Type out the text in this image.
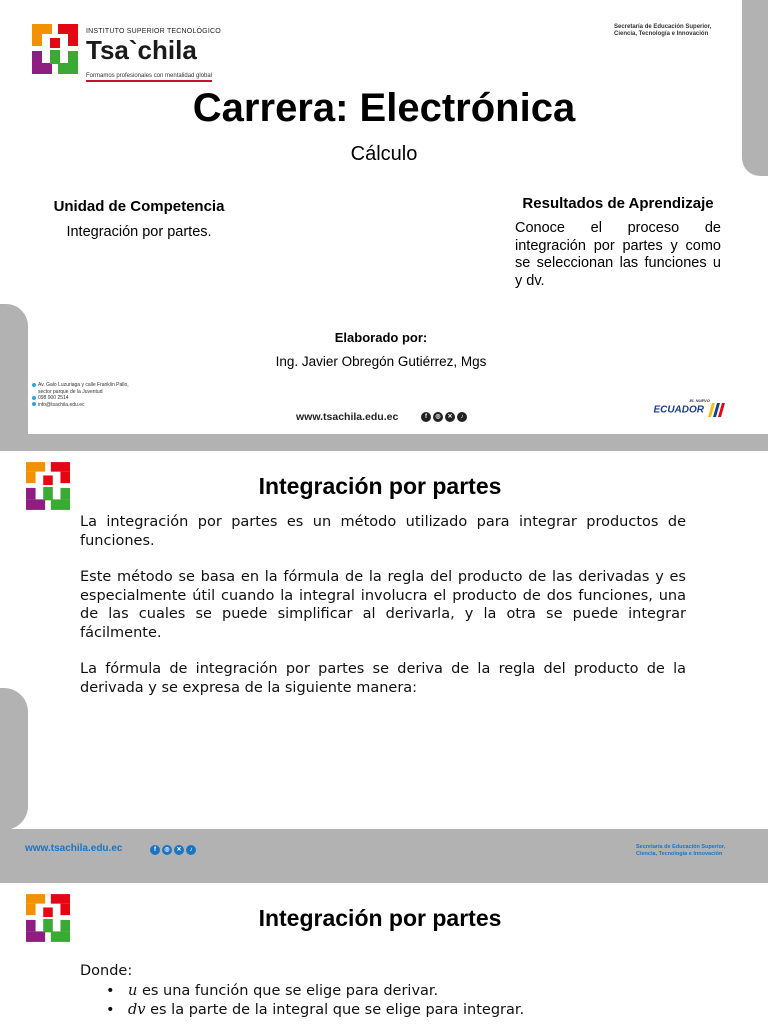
INSTITUTO SUPERIOR TECNOLÓGICO
Tsa`chila
Formamos profesionales con mentalidad global
Secretaría de Educación Superior, Ciencia, Tecnología e Innovación
Carrera: Electrónica
Cálculo
Unidad de Competencia
Integración por partes.
Resultados de Aprendizaje
Conoce el proceso de integración por partes y como se seleccionan las funciones u y dv.
Elaborado por:
Ing. Javier Obregón Gutiérrez, Mgs
Av. Galo Luzuriaga y calle Franklin Pallo,
sector parque de la Juventud
098 900 2514
info@tsachila.edu.ec
www.tsachila.edu.ec	f	◎	✕	♪
EL NUEVO
ECUADOR
Integración por partes

La integración por partes es un método utilizado para integrar productos de funciones.

Este método se basa en la fórmula de la regla del producto de las derivadas y es especialmente útil cuando la integral involucra el producto de dos funciones, una de las cuales se puede simplificar al derivarla, y la otra se puede integrar fácilmente.

La fórmula de integración por partes se deriva de la regla del producto de la derivada y se expresa de la siguiente manera:

www.tsachila.edu.ec	f	◎	✕	♪	Secretaría de Educación Superior, Ciencia, Tecnología e Innovación
Integración por partes
Donde:
• u es una función que se elige para derivar.
• dv es la parte de la integral que se elige para integrar.
